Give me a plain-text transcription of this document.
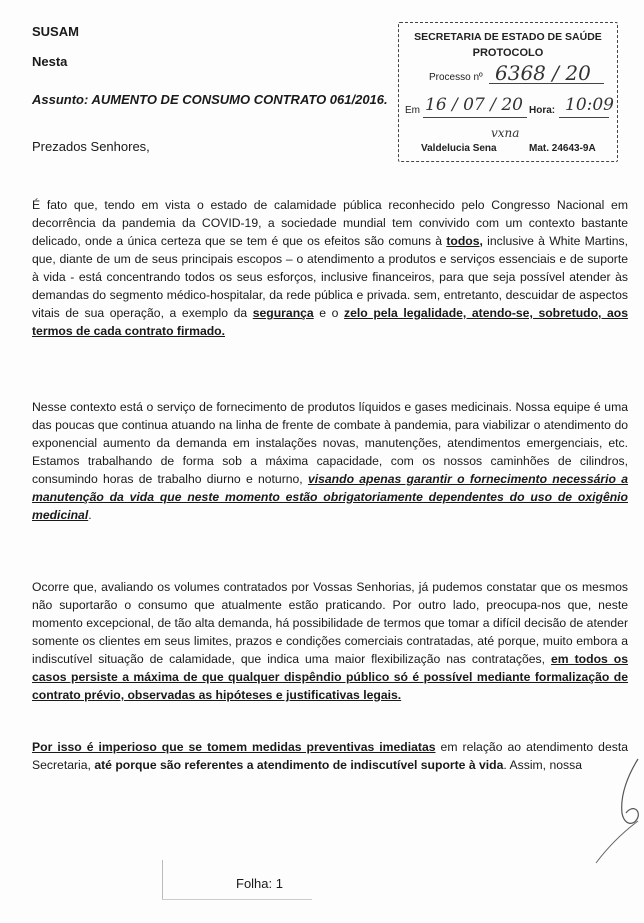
SUSAM
Nesta
Assunto: AUMENTO DE CONSUMO CONTRATO 061/2016.
Prezados Senhores,
SECRETARIA DE ESTADO DE SAÚDE
PROTOCOLO
Processo nº 6368 / 20
Em 16 / 07 / 20 Hora: 10:09
vxna
Valdelucia Sena	Mat. 24643-9A

É fato que, tendo em vista o estado de calamidade pública reconhecido pelo Congresso Nacional em decorrência da pandemia da COVID-19, a sociedade mundial tem convivido com um contexto bastante delicado, onde a única certeza que se tem é que os efeitos são comuns à todos, inclusive à White Martins, que, diante de um de seus principais escopos – o atendimento a produtos e serviços essenciais e de suporte à vida - está concentrando todos os seus esforços, inclusive financeiros, para que seja possível atender às demandas do segmento médico-hospitalar, da rede pública e privada. sem, entretanto, descuidar de aspectos vitais de sua operação, a exemplo da segurança e o zelo pela legalidade, atendo-se, sobretudo, aos termos de cada contrato firmado.

Nesse contexto está o serviço de fornecimento de produtos líquidos e gases medicinais. Nossa equipe é uma das poucas que continua atuando na linha de frente de combate à pandemia, para viabilizar o atendimento do exponencial aumento da demanda em instalações novas, manutenções, atendimentos emergenciais, etc. Estamos trabalhando de forma sob a máxima capacidade, com os nossos caminhões de cilindros, consumindo horas de trabalho diurno e noturno, visando apenas garantir o fornecimento necessário a manutenção da vida que neste momento estão obrigatoriamente dependentes do uso de oxigênio medicinal.

Ocorre que, avaliando os volumes contratados por Vossas Senhorias, já pudemos constatar que os mesmos não suportarão o consumo que atualmente estão praticando. Por outro lado, preocupa-nos que, neste momento excepcional, de tão alta demanda, há possibilidade de termos que tomar a difícil decisão de atender somente os clientes em seus limites, prazos e condições comerciais contratadas, até porque, muito embora a indiscutível situação de calamidade, que indica uma maior flexibilização nas contratações, em todos os casos persiste a máxima de que qualquer dispêndio público só é possível mediante formalização de contrato prévio, observadas as hipóteses e justificativas legais.

Por isso é imperioso que se tomem medidas preventivas imediatas em relação ao atendimento desta Secretaria, até porque são referentes a atendimento de indiscutível suporte à vida. Assim, nossa

Folha: 1
